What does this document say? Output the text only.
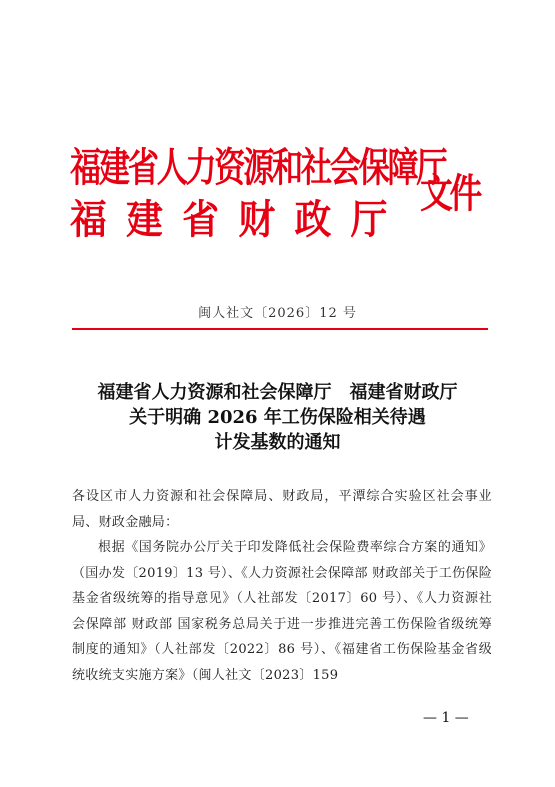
福建省人力资源和社会保障厅
福建省财政厅
文件
闽人社文〔2026〕12 号
福建省人力资源和社会保障厅　福建省财政厅
关于明确 2026 年工伤保险相关待遇
计发基数的通知

各设区市人力资源和社会保障局、财政局，平潭综合实验区社会事业局、财政金融局：

根据《国务院办公厅关于印发降低社会保险费率综合方案的通知》（国办发〔2019〕13 号）、《人力资源社会保障部 财政部关于工伤保险基金省级统筹的指导意见》（人社部发〔2017〕60 号）、《人力资源社会保障部 财政部 国家税务总局关于进一步推进完善工伤保险省级统筹制度的通知》（人社部发〔2022〕86 号）、《福建省工伤保险基金省级统收统支实施方案》（闽人社文〔2023〕159

— 1 —
